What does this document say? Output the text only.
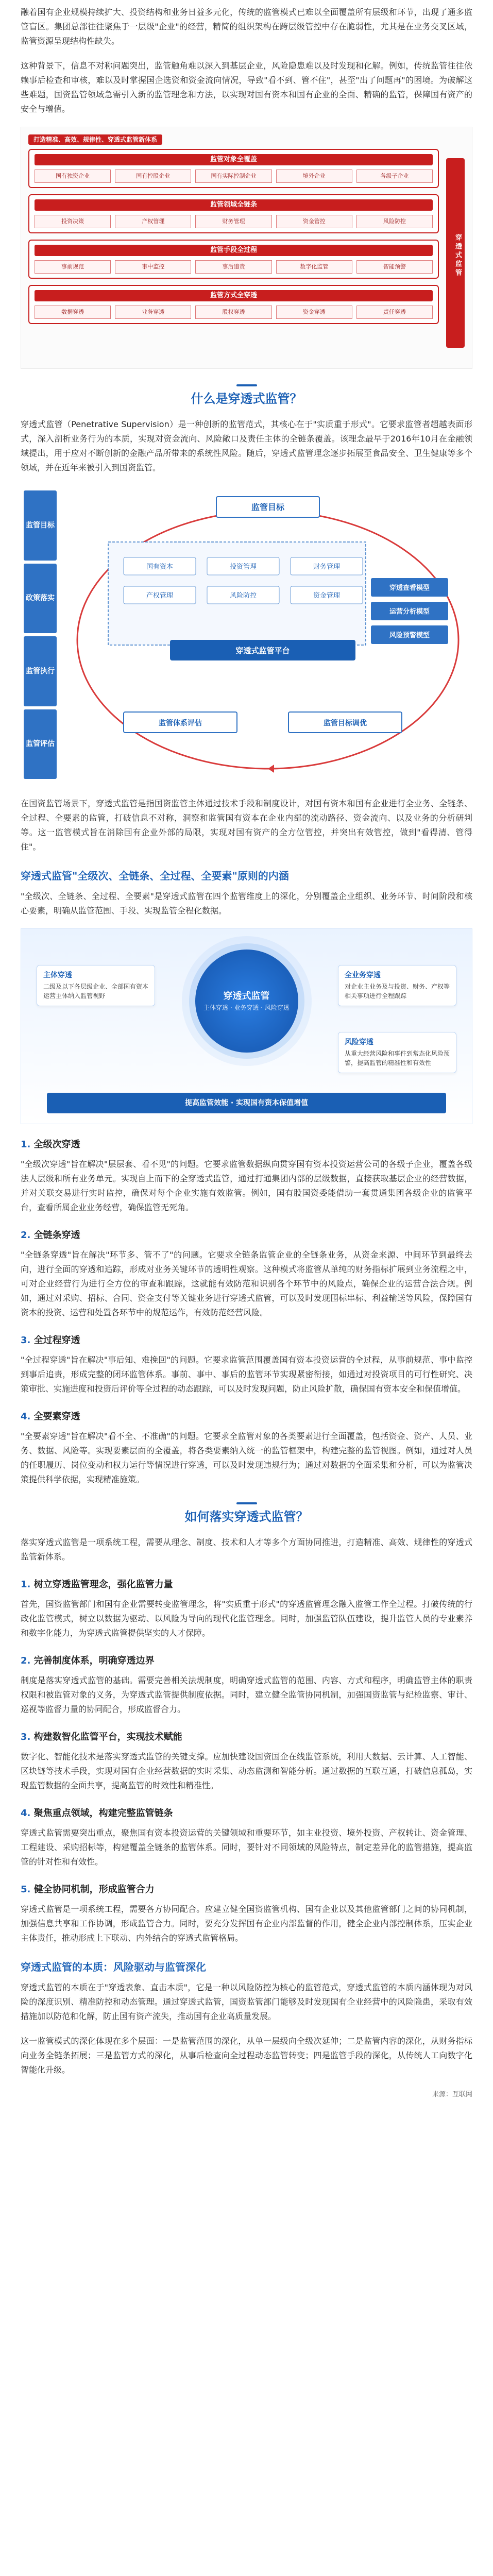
融着国有企业规模持续扩大、投资结构和业务日益多元化，传统的监管模式已难以全面覆盖所有层级和环节，出现了通多监管盲区。集团总部往往聚焦于一层级"企业"的经营，精简的组织架构在跨层级管控中存在脆弱性，尤其是在业务交叉区域，监管资源呈现结构性缺失。

这种背景下，信息不对称问题突出，监管触角难以深入到基层企业，风险隐患难以及时发现和化解。例如，传统监管往往依赖事后检查和审核，难以及时掌握国企选资和资金流向情况，导致"看不到、管不住"，甚至"出了问题再"的困境。为破解这些难题，国资监管领域急需引入新的监管理念和方法，以实现对国有资本和国有企业的全面、精确的监管，保障国有资产的安全与增值。

打造精准、高效、规律性、穿透式监管新体系
监管对象全覆盖
国有独资企业	国有控股企业	国有实际控制企业	境外企业	各级子企业
监管领域全链条
投资决策	产权管理	财务管理	资金管控	风险防控
监管手段全过程
事前规范	事中监控	事后追责	数字化监管	智能预警
监管方式全穿透
数据穿透	业务穿透	股权穿透	资金穿透	责任穿透
穿透式监管
什么是穿透式监管？

穿透式监管（Penetrative Supervision）是一种创新的监管范式，其核心在于"实质重于形式"。它要求监管者超越表面形式，深入剖析业务行为的本质，实现对资金流向、风险敞口及责任主体的全链条覆盖。该理念最早于2016年10月在金融领域提出，用于应对不断创新的金融产品所带来的系统性风险。随后，穿透式监管理念逐步拓展至食品安全、卫生健康等多个领域，并在近年来被引入到国资监管。

监管目标
政策落实
监管执行
监管评估
监管目标
国有资本	投资管理	财务管理
产权管理	风险防控	资金管理
穿透式监管平台
穿透查看模型
运营分析模型
风险预警模型
监管体系评估	监管目标调优

在国资监管场景下，穿透式监管是指国资监管主体通过技术手段和制度设计，对国有资本和国有企业进行全业务、全链条、全过程、全要素的监管，打破信息不对称，洞察和监管国有资本在企业内部的流动路径、资金流向、以及业务的分析研判等。这一监管模式旨在消除国有企业外部的局限，实现对国有资产的全方位管控，并突出有效管控，做到"看得清、管得住"。

穿透式监管"全级次、全链条、全过程、全要素"原则的内涵

"全级次、全链条、全过程、全要素"是穿透式监管在四个监管维度上的深化，分别覆盖企业组织、业务环节、时间阶段和核心要素，明确从监管范围、手段、实现监管全程化数据。

穿透式监管
主体穿透 · 业务穿透 · 风险穿透
主体穿透
二级及以下各层级企业、全部国有资本运营主体纳入监管视野
全业务穿透
对企业主业务及与投资、财务、产权等相关事项进行全程跟踪
风险穿透
从重大经营风险和事件到常态化风险预警，提高监管的精准性和有效性
提高监管效能 · 实现国有资本保值增值
1. 全级次穿透

"全级次穿透"旨在解决"层层套、看不见"的问题。它要求监管数据纵向贯穿国有资本投资运营公司的各级子企业，覆盖各级法人层级和所有业务单元。实现自上而下的全穿透式监管，通过打通集团内部的层级数据，直接获取基层企业的经营数据，并对关联交易进行实时监控，确保对每个企业实施有效监管。例如，国有股国资委能借助一套贯通集团各级企业的监管平台，查看所属企业业务经营，确保监管无死角。

2. 全链条穿透

"全链条穿透"旨在解决"环节多、管不了"的问题。它要求全链条监管企业的全链条业务，从资金来源、中间环节到最终去向，进行全面的穿透和追踪，形成对业务关键环节的透明性观察。这种模式将监管从单纯的财务指标扩展到业务流程之中，可对企业经营行为进行全方位的审查和跟踪，这就能有效防范和识别各个环节中的风险点，确保企业的运营合法合规。例如，通过对采购、招标、合同、资金支付等关键业务进行穿透式监管，可以及时发现围标串标、利益输送等风险，保障国有资本的投资、运营和处置各环节中的规范运作，有效防范经营风险。

3. 全过程穿透

"全过程穿透"旨在解决"事后知、难挽回"的问题。它要求监管范围覆盖国有资本投资运营的全过程，从事前规范、事中监控到事后追责，形成完整的闭环监管体系。事前、事中、事后的监管环节实现紧密衔接，如通过对投资项目的可行性研究、决策审批、实施进度和投资后评价等全过程的动态跟踪，可以及时发现问题，防止风险扩散，确保国有资本安全和保值增值。

4. 全要素穿透

"全要素穿透"旨在解决"看不全、不准确"的问题。它要求全监管对象的各类要素进行全面覆盖，包括资金、资产、人员、业务、数据、风险等。实现要素层面的全覆盖，将各类要素纳入统一的监管框架中，构建完整的监管视图。例如，通过对人员的任职履历、岗位变动和权力运行等情况进行穿透，可以及时发现违规行为；通过对数据的全面采集和分析，可以为监管决策提供科学依据，实现精准施策。

如何落实穿透式监管？

落实穿透式监管是一项系统工程，需要从理念、制度、技术和人才等多个方面协同推进，打造精准、高效、规律性的穿透式监管新体系。

1. 树立穿透监管理念，强化监管力量

首先，国资监管部门和国有企业需要转变监管理念，将"实质重于形式"的穿透监管理念融入监管工作全过程。打破传统的行政化监管模式，树立以数据为驱动、以风险为导向的现代化监管理念。同时，加强监管队伍建设，提升监管人员的专业素养和数字化能力，为穿透式监管提供坚实的人才保障。

2. 完善制度体系，明确穿透边界

制度是落实穿透式监管的基础。需要完善相关法规制度，明确穿透式监管的范围、内容、方式和程序，明确监管主体的职责权限和被监管对象的义务，为穿透式监管提供制度依据。同时，建立健全监管协同机制，加强国资监管与纪检监察、审计、巡视等监督力量的协同配合，形成监督合力。

3. 构建数智化监管平台，实现技术赋能

数字化、智能化技术是落实穿透式监管的关键支撑。应加快建设国资国企在线监管系统，利用大数据、云计算、人工智能、区块链等技术手段，实现对国有企业经营数据的实时采集、动态监测和智能分析。通过数据的互联互通，打破信息孤岛，实现监管数据的全面共享，提高监管的时效性和精准性。

4. 聚焦重点领域，构建完整监管链条

穿透式监管需要突出重点，聚焦国有资本投资运营的关键领域和重要环节，如主业投资、境外投资、产权转让、资金管理、工程建设、采购招标等，构建覆盖全链条的监管体系。同时，要针对不同领域的风险特点，制定差异化的监管措施，提高监管的针对性和有效性。

5. 健全协同机制，形成监管合力

穿透式监管是一项系统工程，需要各方协同配合。应建立健全国资监管机构、国有企业以及其他监管部门之间的协同机制，加强信息共享和工作协调，形成监管合力。同时，要充分发挥国有企业内部监督的作用，健全企业内部控制体系，压实企业主体责任，推动形成上下联动、内外结合的穿透式监管格局。

穿透式监管的本质：风险驱动与监管深化

穿透式监管的本质在于"穿透表象、直击本质"，它是一种以风险防控为核心的监管范式，穿透式监管的本质内涵体现为对风险的深度识别、精准防控和动态管理。通过穿透式监管，国资监管部门能够及时发现国有企业经营中的风险隐患，采取有效措施加以防范和化解，防止国有资产流失，推动国有企业高质量发展。

这一监管模式的深化体现在多个层面：一是监管范围的深化，从单一层级向全级次延伸；二是监管内容的深化，从财务指标向业务全链条拓展；三是监管方式的深化，从事后检查向全过程动态监管转变；四是监管手段的深化，从传统人工向数字化智能化升级。

来源：互联网
